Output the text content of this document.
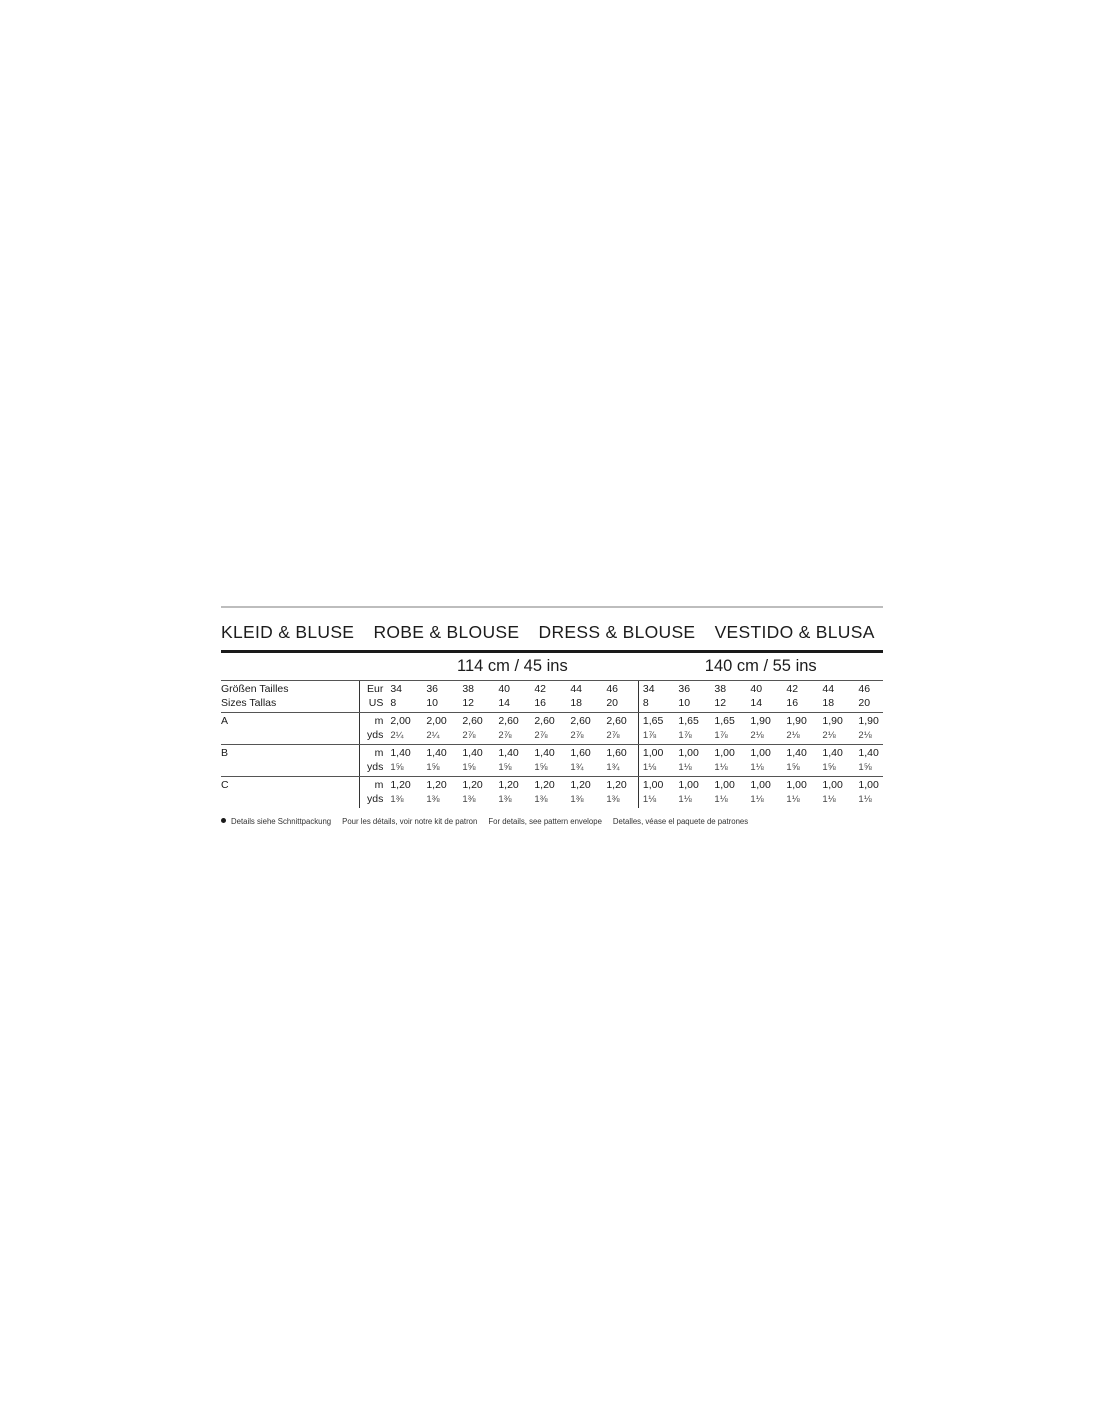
KLEID & BLUSE ROBE & BLOUSE DRESS & BLOUSE VESTIDO & BLUSA
		114 cm / 45 ins							140 cm / 55 ins						
Größen Tailles	Eur	34	36	38	40	42	44	46	34	36	38	40	42	44	46
Sizes Tallas	US	8	10	12	14	16	18	20	8	10	12	14	16	18	20
A	m	2,00	2,00	2,60	2,60	2,60	2,60	2,60	1,65	1,65	1,65	1,90	1,90	1,90	1,90
	yds	2¼	2¼	2⅞	2⅞	2⅞	2⅞	2⅞	1⅞	1⅞	1⅞	2⅛	2⅛	2⅛	2⅛
B	m	1,40	1,40	1,40	1,40	1,40	1,60	1,60	1,00	1,00	1,00	1,00	1,40	1,40	1,40
	yds	1⅝	1⅝	1⅝	1⅝	1⅝	1¾	1¾	1⅛	1⅛	1⅛	1⅛	1⅝	1⅝	1⅝
C	m	1,20	1,20	1,20	1,20	1,20	1,20	1,20	1,00	1,00	1,00	1,00	1,00	1,00	1,00
	yds	1⅜	1⅜	1⅜	1⅜	1⅜	1⅜	1⅜	1⅛	1⅛	1⅛	1⅛	1⅛	1⅛	1⅛
Details siehe Schnittpackung Pour les détails, voir notre kit de patron For details, see pattern envelope Detalles, véase el paquete de patrones
